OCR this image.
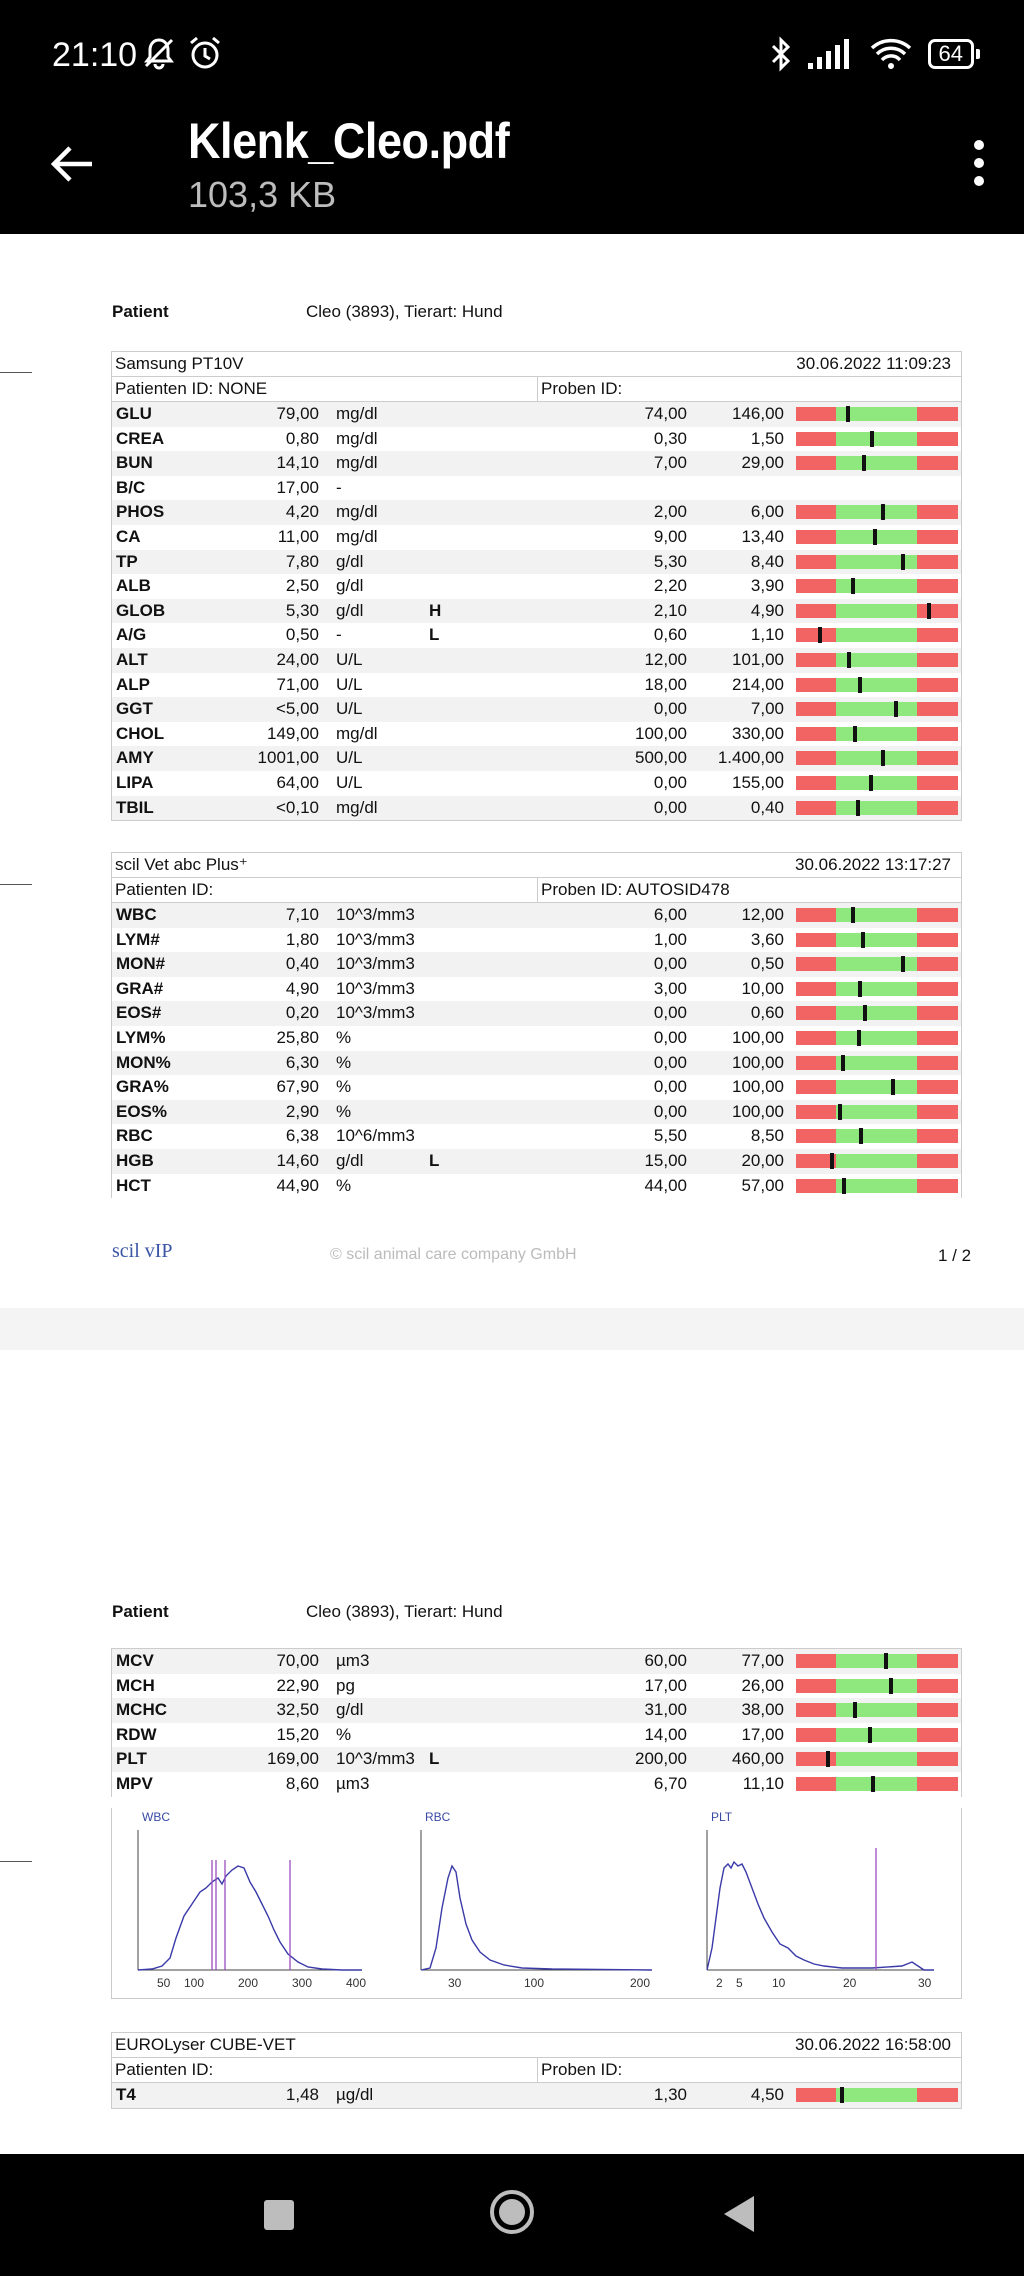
21:10	64
Klenk_Cleo.pdf
103,3 KB
Patient	Cleo (3893), Tierart: Hund
Samsung PT10V	30.06.2022 11:09:23
Patienten ID: NONE	Proben ID:
GLU	79,00 mg/dl	74,00	146,00
CREA	0,80 mg/dl	0,30	1,50
BUN	14,10 mg/dl	7,00	29,00
B/C	17,00 -
PHOS	4,20 mg/dl	2,00	6,00
CA	11,00 mg/dl	9,00	13,40
TP	7,80 g/dl	5,30	8,40
ALB	2,50 g/dl	2,20	3,90
GLOB	5,30 g/dl	H	2,10	4,90
A/G	0,50 -	L	0,60	1,10
ALT	24,00 U/L	12,00	101,00
ALP	71,00 U/L	18,00	214,00
GGT	<5,00 U/L	0,00	7,00
CHOL	149,00 mg/dl	100,00	330,00
AMY	1001,00 U/L	500,00 1.400,00
LIPA	64,00 U/L	0,00	155,00
TBIL	<0,10 mg/dl	0,00	0,40
scil Vet abc Plus⁺	30.06.2022 13:17:27
Patienten ID:	Proben ID: AUTOSID478
WBC	7,10 10^3/mm3	6,00	12,00
LYM#	1,80 10^3/mm3	1,00	3,60
MON#	0,40 10^3/mm3	0,00	0,50
GRA#	4,90 10^3/mm3	3,00	10,00
EOS#	0,20 10^3/mm3	0,00	0,60
LYM%	25,80 %	0,00	100,00
MON%	6,30 %	0,00	100,00
GRA%	67,90 %	0,00	100,00
EOS%	2,90 %	0,00	100,00
RBC	6,38 10^6/mm3	5,50	8,50
HGB	14,60 g/dl	L	15,00	20,00
HCT	44,90 %	44,00	57,00
scil vIP	© scil animal care company GmbH	1 / 2
Patient	Cleo (3893), Tierart: Hund
MCV	70,00 µm3	60,00	77,00
MCH	22,90 pg	17,00	26,00
MCHC	32,50 g/dl	31,00	38,00
RDW	15,20 %	14,00	17,00
PLT	169,00 10^3/mm3 L	200,00	460,00
MPV	8,60 µm3	6,70	11,10
WBC	RBC	PLT
50 100	200	300	400	30	100	200	2 5 10	20	30
EUROLyser CUBE-VET	30.06.2022 16:58:00
Patienten ID:	Proben ID:
T4	1,48 µg/dl	1,30	4,50
